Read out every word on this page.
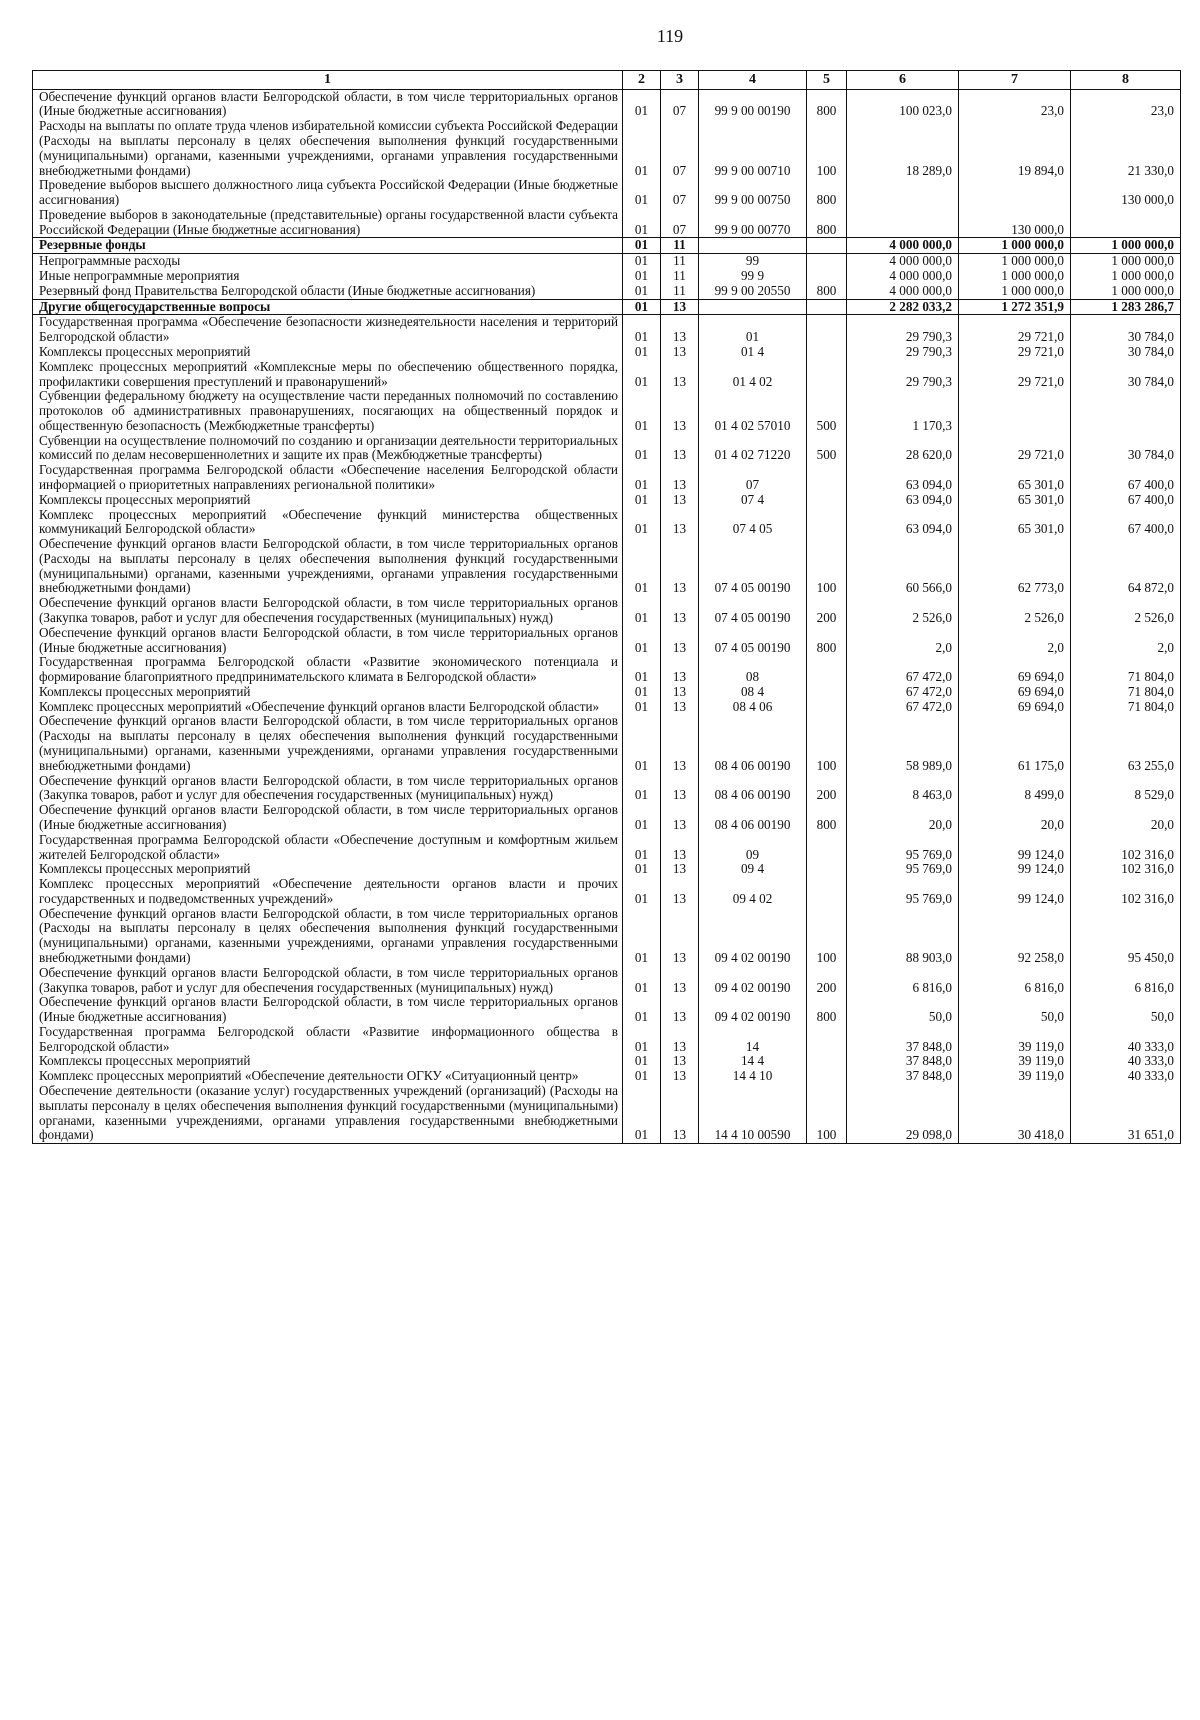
119
1	2	3	4	5	6	7	8
Обеспечение функций органов власти Белгородской области, в том числе территориальных органов (Иные бюджетные ассигнования)	01	07	99 9 00 00190	800	100 023,0	23,0	23,0
Расходы на выплаты по оплате труда членов избирательной комиссии субъекта Российской Федерации (Расходы на выплаты персоналу в целях обеспечения выполнения функций государственными (муниципальными) органами, казенными учреждениями, органами управления государственными внебюджетными фондами)	01	07	99 9 00 00710	100	18 289,0	19 894,0	21 330,0
Проведение выборов высшего должностного лица субъекта Российской Федерации (Иные бюджетные ассигнования)	01	07	99 9 00 00750	800			130 000,0
Проведение выборов в законодательные (представительные) органы государственной власти субъекта Российской Федерации (Иные бюджетные ассигнования)	01	07	99 9 00 00770	800		130 000,0	
Резервные фонды	01	11			4 000 000,0	1 000 000,0	1 000 000,0
Непрограммные расходы	01	11	99		4 000 000,0	1 000 000,0	1 000 000,0
Иные непрограммные мероприятия	01	11	99 9		4 000 000,0	1 000 000,0	1 000 000,0
Резервный фонд Правительства Белгородской области (Иные бюджетные ассигнования)	01	11	99 9 00 20550	800	4 000 000,0	1 000 000,0	1 000 000,0
Другие общегосударственные вопросы	01	13			2 282 033,2	1 272 351,9	1 283 286,7
Государственная программа «Обеспечение безопасности жизнедеятельности населения и территорий Белгородской области»	01	13	01		29 790,3	29 721,0	30 784,0
Комплексы процессных мероприятий	01	13	01 4		29 790,3	29 721,0	30 784,0
Комплекс процессных мероприятий «Комплексные меры по обеспечению общественного порядка, профилактики совершения преступлений и правонарушений»	01	13	01 4 02		29 790,3	29 721,0	30 784,0
Субвенции федеральному бюджету на осуществление части переданных полномочий по составлению протоколов об административных правонарушениях, посягающих на общественный порядок и общественную безопасность (Межбюджетные трансферты)	01	13	01 4 02 57010	500	1 170,3		
Субвенции на осуществление полномочий по созданию и организации деятельности территориальных комиссий по делам несовершеннолетних и защите их прав (Межбюджетные трансферты)	01	13	01 4 02 71220	500	28 620,0	29 721,0	30 784,0
Государственная программа Белгородской области «Обеспечение населения Белгородской области информацией о приоритетных направлениях региональной политики»	01	13	07		63 094,0	65 301,0	67 400,0
Комплексы процессных мероприятий	01	13	07 4		63 094,0	65 301,0	67 400,0
Комплекс процессных мероприятий «Обеспечение функций министерства общественных коммуникаций Белгородской области»	01	13	07 4 05		63 094,0	65 301,0	67 400,0
Обеспечение функций органов власти Белгородской области, в том числе территориальных органов (Расходы на выплаты персоналу в целях обеспечения выполнения функций государственными (муниципальными) органами, казенными учреждениями, органами управления государственными внебюджетными фондами)	01	13	07 4 05 00190	100	60 566,0	62 773,0	64 872,0
Обеспечение функций органов власти Белгородской области, в том числе территориальных органов (Закупка товаров, работ и услуг для обеспечения государственных (муниципальных) нужд)	01	13	07 4 05 00190	200	2 526,0	2 526,0	2 526,0
Обеспечение функций органов власти Белгородской области, в том числе территориальных органов (Иные бюджетные ассигнования)	01	13	07 4 05 00190	800	2,0	2,0	2,0
Государственная программа Белгородской области «Развитие экономического потенциала и формирование благоприятного предпринимательского климата в Белгородской области»	01	13	08		67 472,0	69 694,0	71 804,0
Комплексы процессных мероприятий	01	13	08 4		67 472,0	69 694,0	71 804,0
Комплекс процессных мероприятий «Обеспечение функций органов власти Белгородской области»	01	13	08 4 06		67 472,0	69 694,0	71 804,0
Обеспечение функций органов власти Белгородской области, в том числе территориальных органов (Расходы на выплаты персоналу в целях обеспечения выполнения функций государственными (муниципальными) органами, казенными учреждениями, органами управления государственными внебюджетными фондами)	01	13	08 4 06 00190	100	58 989,0	61 175,0	63 255,0
Обеспечение функций органов власти Белгородской области, в том числе территориальных органов (Закупка товаров, работ и услуг для обеспечения государственных (муниципальных) нужд)	01	13	08 4 06 00190	200	8 463,0	8 499,0	8 529,0
Обеспечение функций органов власти Белгородской области, в том числе территориальных органов (Иные бюджетные ассигнования)	01	13	08 4 06 00190	800	20,0	20,0	20,0
Государственная программа Белгородской области «Обеспечение доступным и комфортным жильем жителей Белгородской области»	01	13	09		95 769,0	99 124,0	102 316,0
Комплексы процессных мероприятий	01	13	09 4		95 769,0	99 124,0	102 316,0
Комплекс процессных мероприятий «Обеспечение деятельности органов власти и прочих государственных и подведомственных учреждений»	01	13	09 4 02		95 769,0	99 124,0	102 316,0
Обеспечение функций органов власти Белгородской области, в том числе территориальных органов (Расходы на выплаты персоналу в целях обеспечения выполнения функций государственными (муниципальными) органами, казенными учреждениями, органами управления государственными внебюджетными фондами)	01	13	09 4 02 00190	100	88 903,0	92 258,0	95 450,0
Обеспечение функций органов власти Белгородской области, в том числе территориальных органов (Закупка товаров, работ и услуг для обеспечения государственных (муниципальных) нужд)	01	13	09 4 02 00190	200	6 816,0	6 816,0	6 816,0
Обеспечение функций органов власти Белгородской области, в том числе территориальных органов (Иные бюджетные ассигнования)	01	13	09 4 02 00190	800	50,0	50,0	50,0
Государственная программа Белгородской области «Развитие информационного общества в Белгородской области»	01	13	14		37 848,0	39 119,0	40 333,0
Комплексы процессных мероприятий	01	13	14 4		37 848,0	39 119,0	40 333,0
Комплекс процессных мероприятий «Обеспечение деятельности ОГКУ «Ситуационный центр»	01	13	14 4 10		37 848,0	39 119,0	40 333,0
Обеспечение деятельности (оказание услуг) государственных учреждений (организаций) (Расходы на выплаты персоналу в целях обеспечения выполнения функций государственными (муниципальными) органами, казенными учреждениями, органами управления государственными внебюджетными фондами)	01	13	14 4 10 00590	100	29 098,0	30 418,0	31 651,0
